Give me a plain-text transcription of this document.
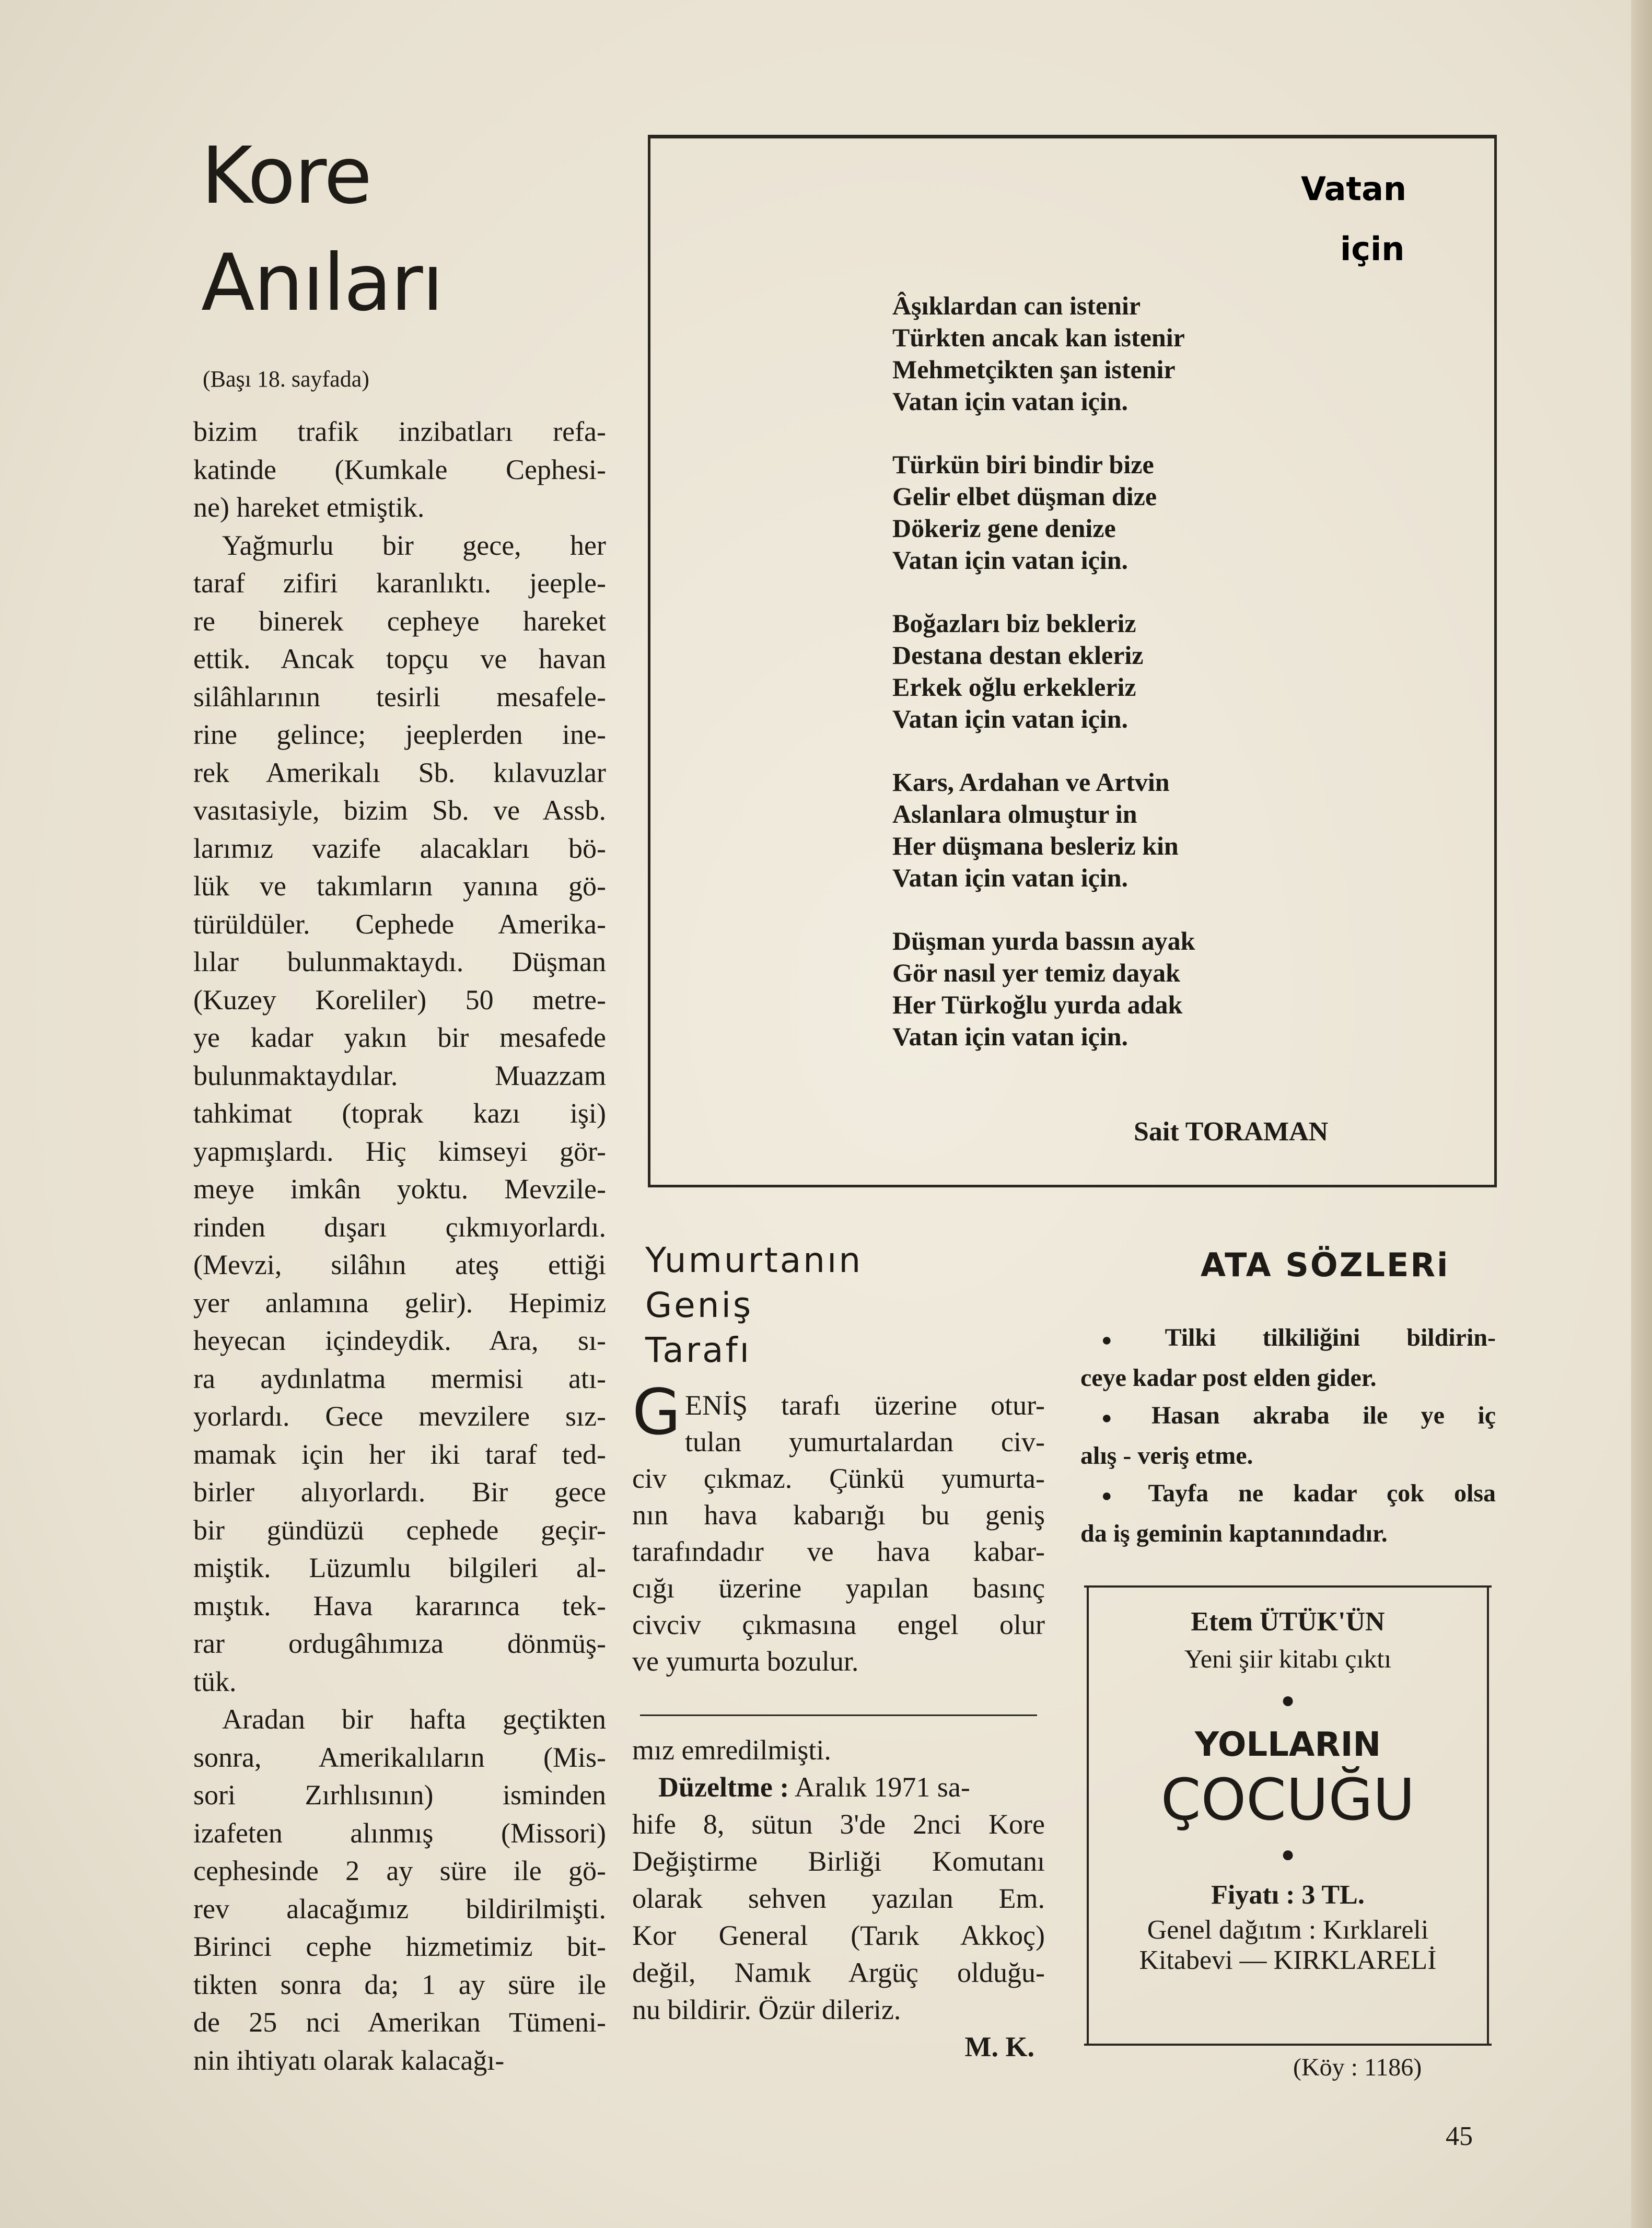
Kore
Anıları
(Başı 18. sayfada)

bizim trafik inzibatları refa-

katinde (Kumkale Cephesi-

ne) hareket etmiştik.

Yağmurlu bir gece, her

taraf zifiri karanlıktı. jeeple-

re binerek cepheye hareket

ettik. Ancak topçu ve havan

silâhlarının tesirli mesafele-

rine gelince; jeeplerden ine-

rek Amerikalı Sb. kılavuzlar

vasıtasiyle, bizim Sb. ve Assb.

larımız vazife alacakları bö-

lük ve takımların yanına gö-

türüldüler. Cephede Amerika-

lılar bulunmaktaydı. Düşman

(Kuzey Koreliler) 50 metre-

ye kadar yakın bir mesafede

bulunmaktaydılar. Muazzam

tahkimat (toprak kazı işi)

yapmışlardı. Hiç kimseyi gör-

meye imkân yoktu. Mevzile-

rinden dışarı çıkmıyorlardı.

(Mevzi, silâhın ateş ettiği

yer anlamına gelir). Hepimiz

heyecan içindeydik. Ara, sı-

ra aydınlatma mermisi atı-

yorlardı. Gece mevzilere sız-

mamak için her iki taraf ted-

birler alıyorlardı. Bir gece

bir gündüzü cephede geçir-

miştik. Lüzumlu bilgileri al-

mıştık. Hava kararınca tek-

rar ordugâhımıza dönmüş-

tük.

Aradan bir hafta geçtikten

sonra, Amerikalıların (Mis-

sori Zırhlısının) isminden

izafeten alınmış (Missori)

cephesinde 2 ay süre ile gö-

rev alacağımız bildirilmişti.

Birinci cephe hizmetimiz bit-

tikten sonra da; 1 ay süre ile

de 25 nci Amerikan Tümeni-

nin ihtiyatı olarak kalacağı-

Vatan
için
Âşıklardan can istenir
Türkten ancak kan istenir
Mehmetçikten şan istenir
Vatan için vatan için.
Türkün biri bindir bize
Gelir elbet düşman dize
Dökeriz gene denize
Vatan için vatan için.
Boğazları biz bekleriz
Destana destan ekleriz
Erkek oğlu erkekleriz
Vatan için vatan için.
Kars, Ardahan ve Artvin
Aslanlara olmuştur in
Her düşmana besleriz kin
Vatan için vatan için.
Düşman yurda bassın ayak
Gör nasıl yer temiz dayak
Her Türkoğlu yurda adak
Vatan için vatan için.
Sait TORAMAN
Yumurtanın
Geniş
Tarafı
G ENİŞ tarafı üzerine otur-

tulan yumurtalardan civ-

civ çıkmaz. Çünkü yumurta-

nın hava kabarığı bu geniş

tarafındadır ve hava kabar-

cığı üzerine yapılan basınç

civciv çıkmasına engel olur

ve yumurta bozulur.

mız emredilmişti.

Düzeltme : Aralık 1971 sa-

hife 8, sütun 3'de 2nci Kore

Değiştirme Birliği Komutanı

olarak sehven yazılan Em.

Kor General (Tarık Akkoç)

değil, Namık Argüç olduğu-

nu bildirir. Özür dileriz.

M. K.

ATA SÖZLERi

● Tilki tilkiliğini bildirin-

ceye kadar post elden gider.

● Hasan akraba ile ye iç

alış - veriş etme.

● Tayfa ne kadar çok olsa

da iş geminin kaptanındadır.

Etem ÜTÜK'ÜN
Yeni şiir kitabı çıktı
●
YOLLARIN
ÇOCUĞU
●
Fiyatı : 3 TL.
Genel dağıtım : Kırklareli
Kitabevi — KIRKLARELİ
(Köy : 1186)
45
